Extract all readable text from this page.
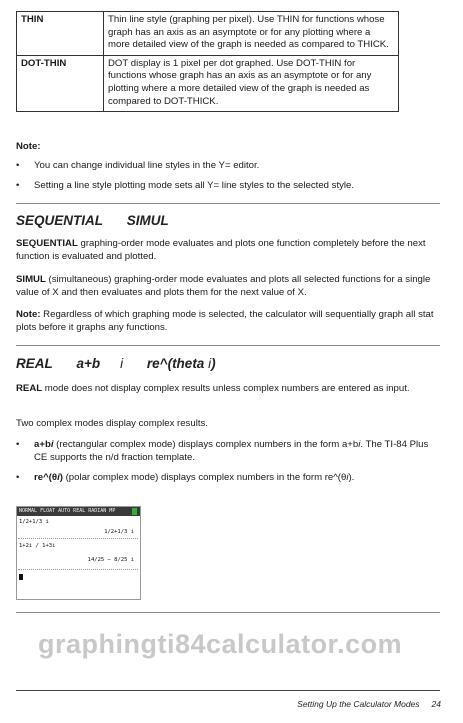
THIN	Thin line style (graphing per pixel). Use THIN for functions whose graph has an axis as an asymptote or for any plotting where a more detailed view of the graph is needed as compared to THICK.
DOT-THIN	DOT display is 1 pixel per dot graphed. Use DOT-THIN for functions whose graph has an axis as an asymptote or for any plotting where a more detailed view of the graph is needed as compared to DOT-THICK.
Note:
• You can change individual line styles in the Y= editor.
• Setting a line style plotting mode sets all Y= line styles to the selected style.
SEQUENTIAL SIMUL
SEQUENTIAL graphing-order mode evaluates and plots one function completely before the next function is evaluated and plotted.
SIMUL (simultaneous) graphing-order mode evaluates and plots all selected functions for a single value of X and then evaluates and plots them for the next value of X.
Note: Regardless of which graphing mode is selected, the calculator will sequentially graph all stat plots before it graphs any functions.
REAL a+b i re^(theta i)
REAL mode does not display complex results unless complex numbers are entered as input.
Two complex modes display complex results.
• a+bi (rectangular complex mode) displays complex numbers in the form a+bi. The TI-84 Plus CE supports the n/d fraction template.
• re^(θi) (polar complex mode) displays complex numbers in the form re^(θi).
NORMAL FLOAT AUTO REAL RADIAN MP
1/2+1/3 i
1/2+1/3 i
1+2i / 1+3i
14/25 − 8/25 i
graphingti84calculator.com
Setting Up the Calculator Modes 24
